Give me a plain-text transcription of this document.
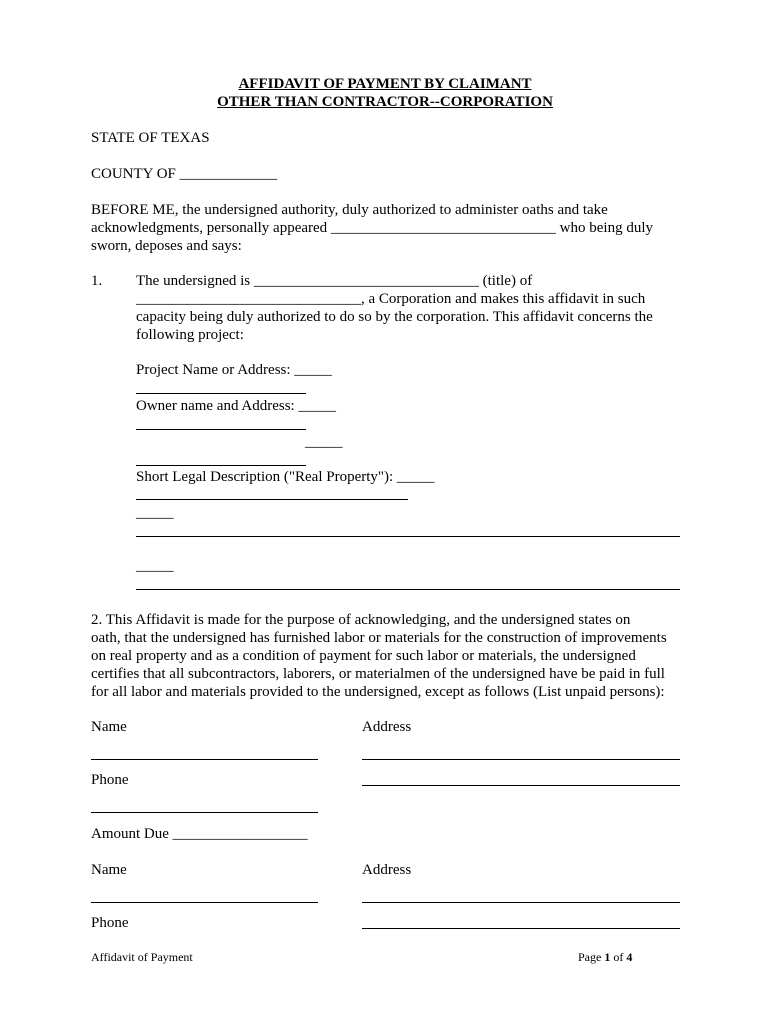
AFFIDAVIT OF PAYMENT BY CLAIMANT
OTHER THAN CONTRACTOR--CORPORATION
STATE OF TEXAS
COUNTY OF _____________
BEFORE ME, the undersigned authority, duly authorized to administer oaths and take
acknowledgments, personally appeared ______________________________ who being duly
sworn, deposes and says:
1. The undersigned is ______________________________ (title) of
______________________________, a Corporation and makes this affidavit in such
capacity being duly authorized to do so by the corporation. This affidavit concerns the
following project:
Project Name or Address: _____
Owner name and Address: _____
_____
Short Legal Description ("Real Property"): _____
_____
_____
2. This Affidavit is made for the purpose of acknowledging, and the undersigned states on
oath, that the undersigned has furnished labor or materials for the construction of improvements
on real property and as a condition of payment for such labor or materials, the undersigned
certifies that all subcontractors, laborers, or materialmen of the undersigned have be paid in full
for all labor and materials provided to the undersigned, except as follows (List unpaid persons):
Name	Address
Phone
Amount Due __________________
Name	Address
Phone
Affidavit of Payment	Page 1 of 4
